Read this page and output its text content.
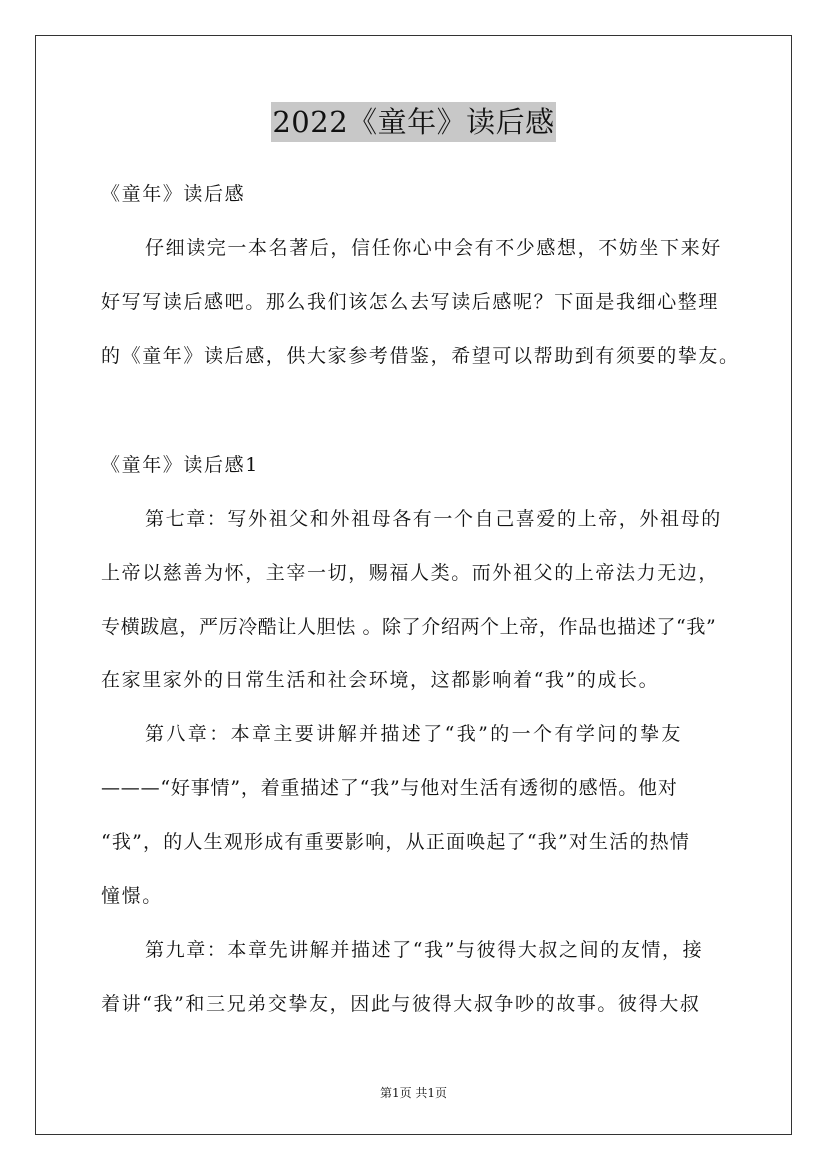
2022《童年》读后感
《童年》读后感
仔细读完一本名著后，信任你心中会有不少感想，不妨坐下来好
好写写读后感吧。那么我们该怎么去写读后感呢？下面是我细心整理
的《童年》读后感，供大家参考借鉴，希望可以帮助到有须要的挚友。
《童年》读后感1
第七章：写外祖父和外祖母各有一个自己喜爱的上帝，外祖母的
上帝以慈善为怀，主宰一切，赐福人类。而外祖父的上帝法力无边，
专横跋扈，严厉冷酷让人胆怯 。除了介绍两个上帝，作品也描述了“我”
在家里家外的日常生活和社会环境，这都影响着“我”的成长。
第八章：本章主要讲解并描述了“我”的一个有学问的挚友
———“好事情”，着重描述了“我”与他对生活有透彻的感悟。他对
“我”，的人生观形成有重要影响，从正面唤起了“我”对生活的热情
憧憬。
第九章：本章先讲解并描述了“我”与彼得大叔之间的友情，接
着讲“我”和三兄弟交挚友，因此与彼得大叔争吵的故事。彼得大叔
第1页 共1页
